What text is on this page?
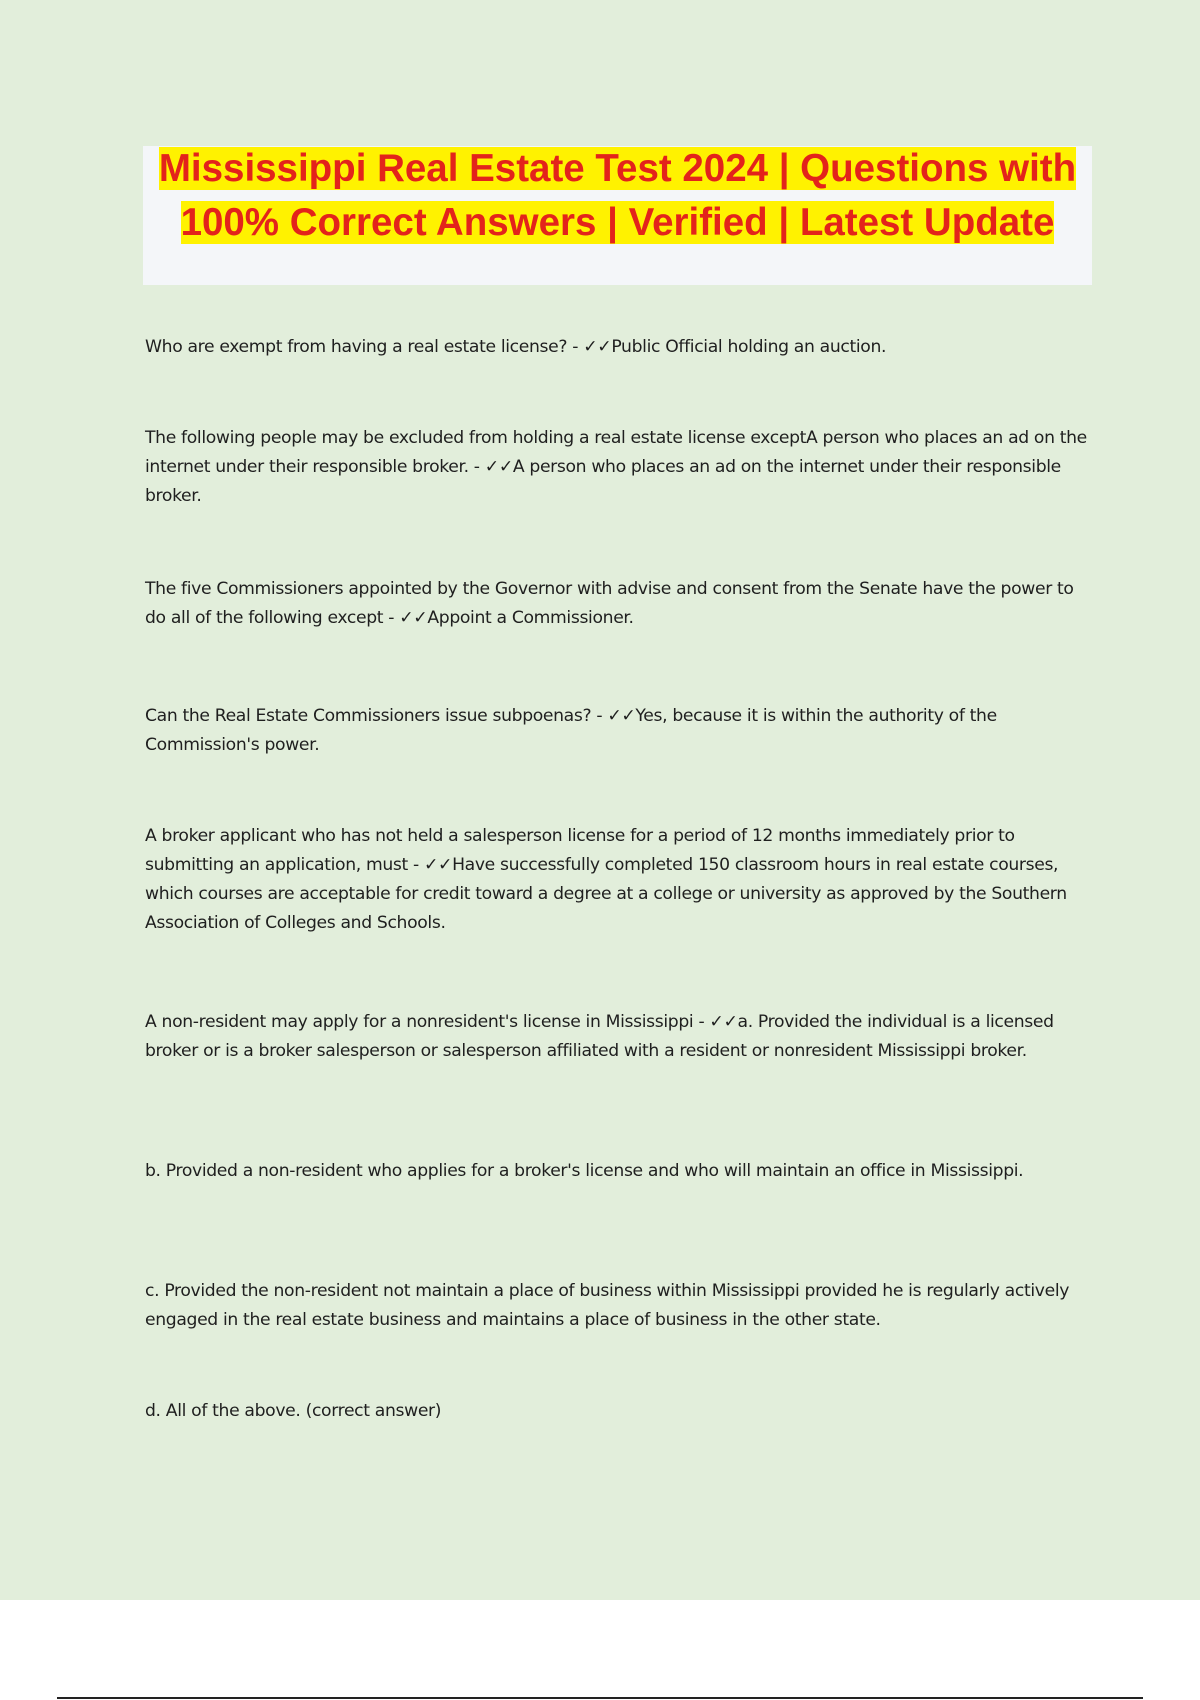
Mississippi Real Estate Test 2024 | Questions with 100% Correct Answers | Verified | Latest Update

Who are exempt from having a real estate license? - ✓✓Public Official holding an auction.

The following people may be excluded from holding a real estate license exceptA person who places an ad on the internet under their responsible broker. - ✓✓A person who places an ad on the internet under their responsible broker.

The five Commissioners appointed by the Governor with advise and consent from the Senate have the power to do all of the following except - ✓✓Appoint a Commissioner.

Can the Real Estate Commissioners issue subpoenas? - ✓✓Yes, because it is within the authority of the Commission's power.

A broker applicant who has not held a salesperson license for a period of 12 months immediately prior to submitting an application, must - ✓✓Have successfully completed 150 classroom hours in real estate courses, which courses are acceptable for credit toward a degree at a college or university as approved by the Southern Association of Colleges and Schools.

A non-resident may apply for a nonresident's license in Mississippi - ✓✓a. Provided the individual is a licensed broker or is a broker salesperson or salesperson affiliated with a resident or nonresident Mississippi broker.

b. Provided a non-resident who applies for a broker's license and who will maintain an office in Mississippi.

c. Provided the non-resident not maintain a place of business within Mississippi provided he is regularly actively engaged in the real estate business and maintains a place of business in the other state.

d. All of the above. (correct answer)
